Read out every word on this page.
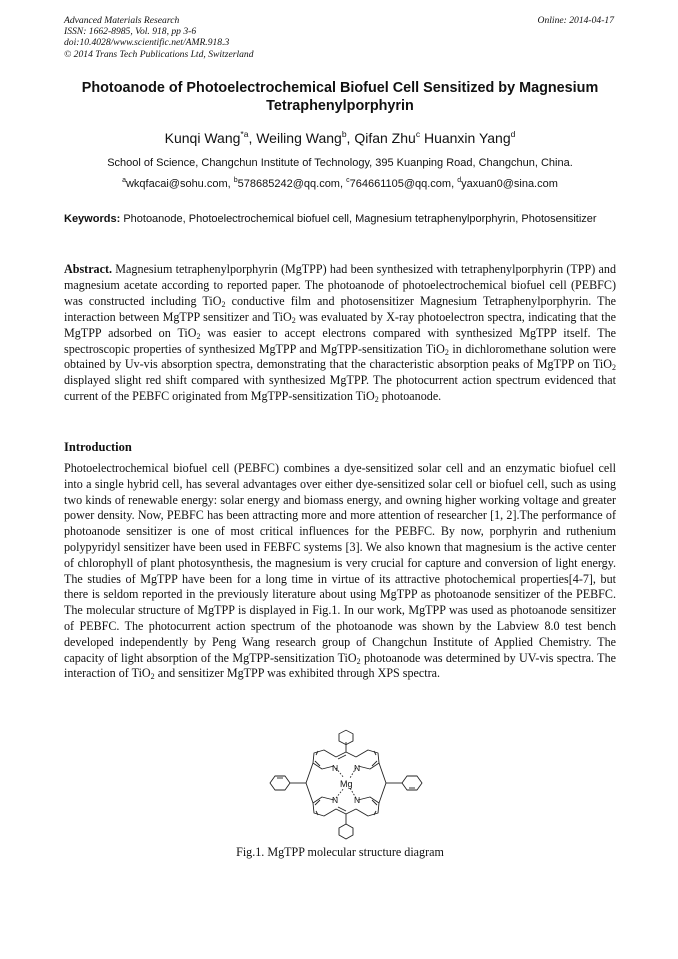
Advanced Materials Research
ISSN: 1662-8985, Vol. 918, pp 3-6
doi:10.4028/www.scientific.net/AMR.918.3
© 2014 Trans Tech Publications Ltd, Switzerland
Online: 2014-04-17
Photoanode of Photoelectrochemical Biofuel Cell Sensitized by Magnesium Tetraphenylporphyrin
Kunqi Wang$^{*a}$, Weiling Wang$^b$, Qifan Zhu$^c$ Huanxin Yang$^d$
School of Science, Changchun Institute of Technology, 395 Kuanping Road, Changchun, China.
$^a$wkqfacai@sohu.com, $^b$578685242@qq.com, $^c$764661105@qq.com, $^d$yaxuan0@sina.com
Keywords: Photoanode, Photoelectrochemical biofuel cell, Magnesium tetraphenylporphyrin, Photosensitizer

Abstract. Magnesium tetraphenylporphyrin (MgTPP) had been synthesized with tetraphenylporphyrin (TPP) and magnesium acetate according to reported paper. The photoanode of photoelectrochemical biofuel cell (PEBFC) was constructed including TiO$_2$ conductive film and photosensitizer Magnesium Tetraphenylporphyrin. The interaction between MgTPP sensitizer and TiO$_2$ was evaluated by X-ray photoelectron spectra, indicating that the MgTPP adsorbed on TiO$_2$ was easier to accept electrons compared with synthesized MgTPP itself. The spectroscopic properties of synthesized MgTPP and MgTPP-sensitization TiO$_2$ in dichloromethane solution were obtained by Uv-vis absorption spectra, demonstrating that the characteristic absorption peaks of MgTPP on TiO$_2$ displayed slight red shift compared with synthesized MgTPP. The photocurrent action spectrum evidenced that current of the PEBFC originated from MgTPP-sensitization TiO$_2$ photoanode.

Introduction

Photoelectrochemical biofuel cell (PEBFC) combines a dye-sensitized solar cell and an enzymatic biofuel cell into a single hybrid cell, has several advantages over either dye-sensitized solar cell or biofuel cell, such as using two kinds of renewable energy: solar energy and biomass energy, and owning higher working voltage and greater power density. Now, PEBFC has been attracting more and more attention of researcher [1, 2].The performance of photoanode sensitizer is one of most critical influences for the PEBFC. By now, porphyrin and ruthenium polypyridyl sensitizer have been used in FEBFC systems [3]. We also known that magnesium is the active center of chlorophyll of plant photosynthesis, the magnesium is very crucial for capture and conversion of light energy. The studies of MgTPP have been for a long time in virtue of its attractive photochemical properties[4-7], but there is seldom reported in the previously literature about using MgTPP as photoanode sensitizer of the PEBFC. The molecular structure of MgTPP is displayed in Fig.1. In our work, MgTPP was used as photoanode sensitizer of PEBFC. The photocurrent action spectrum of the photoanode was shown by the Labview 8.0 test bench developed independently by Peng Wang research group of Changchun Institute of Applied Chemistry. The capacity of light absorption of the MgTPP-sensitization TiO$_2$ photoanode was determined by UV-vis spectra. The interaction of TiO$_2$ and sensitizer MgTPP was exhibited through XPS spectra.

N N
N N
Mg
Fig.1. MgTPP molecular structure diagram
